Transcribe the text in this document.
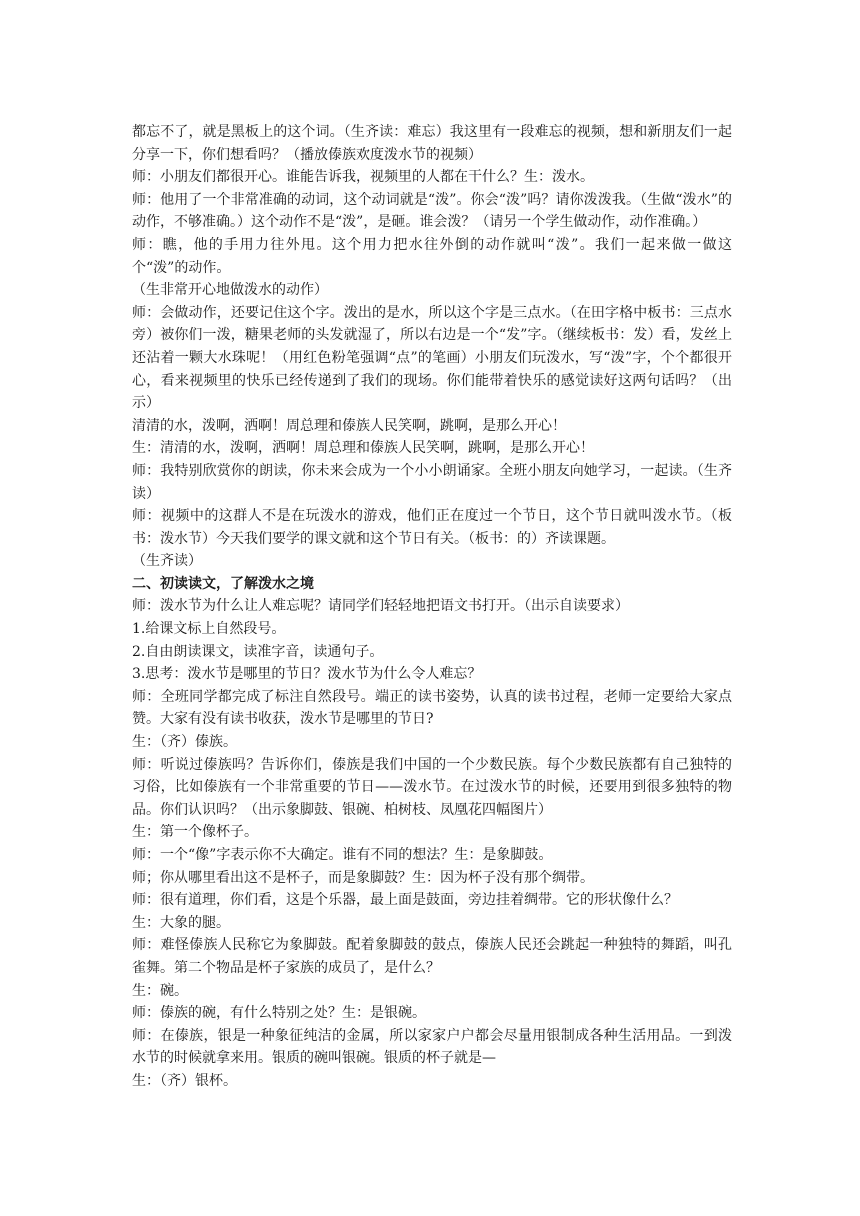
都忘不了，就是黑板上的这个词。（生齐读：难忘）我这里有一段难忘的视频，想和新朋友们一起分享一下，你们想看吗？（播放傣族欢度泼水节的视频）

师：小朋友们都很开心。谁能告诉我，视频里的人都在干什么？生：泼水。

师：他用了一个非常准确的动词，这个动词就是“泼”。你会“泼”吗？请你泼泼我。（生做“泼水”的动作，不够准确。）这个动作不是“泼”，是砸。谁会泼？（请另一个学生做动作，动作准确。）

师：瞧，他的手用力往外甩。这个用力把水往外倒的动作就叫“泼”。我们一起来做一做这个“泼”的动作。

（生非常开心地做泼水的动作）

师：会做动作，还要记住这个字。泼出的是水，所以这个字是三点水。（在田字格中板书：三点水旁）被你们一泼，糖果老师的头发就湿了，所以右边是一个“发”字。（继续板书：发）看，发丝上还沾着一颗大水珠呢！（用红色粉笔强调“点”的笔画）小朋友们玩泼水，写“泼”字，个个都很开心，看来视频里的快乐已经传递到了我们的现场。你们能带着快乐的感觉读好这两句话吗？（出示）

清清的水，泼啊，洒啊！周总理和傣族人民笑啊，跳啊，是那么开心！

生：清清的水，泼啊，洒啊！周总理和傣族人民笑啊，跳啊，是那么开心！

师：我特别欣赏你的朗读，你未来会成为一个小小朗诵家。全班小朋友向她学习，一起读。（生齐读）

师：视频中的这群人不是在玩泼水的游戏，他们正在度过一个节日，这个节日就叫泼水节。（板书：泼水节）今天我们要学的课文就和这个节日有关。（板书：的）齐读课题。

（生齐读）

二、初读读文，了解泼水之境

师：泼水节为什么让人难忘呢？请同学们轻轻地把语文书打开。（出示自读要求）

1.给课文标上自然段号。

2.自由朗读课文，读准字音，读通句子。

3.思考：泼水节是哪里的节日？泼水节为什么令人难忘？

师：全班同学都完成了标注自然段号。端正的读书姿势，认真的读书过程，老师一定要给大家点赞。大家有没有读书收获，泼水节是哪里的节日?

生：（齐）傣族。

师：听说过傣族吗？告诉你们，傣族是我们中国的一个少数民族。每个少数民族都有自己独特的习俗，比如傣族有一个非常重要的节日——泼水节。在过泼水节的时候，还要用到很多独特的物品。你们认识吗？（出示象脚鼓、银碗、柏树枝、凤凰花四幅图片）

生：第一个像杯子。

师：一个“像”字表示你不大确定。谁有不同的想法？生：是象脚鼓。

师；你从哪里看出这不是杯子，而是象脚鼓？生：因为杯子没有那个绸带。

师：很有道理，你们看，这是个乐器，最上面是鼓面，旁边挂着绸带。它的形状像什么？

生：大象的腿。

师：难怪傣族人民称它为象脚鼓。配着象脚鼓的鼓点，傣族人民还会跳起一种独特的舞蹈，叫孔雀舞。第二个物品是杯子家族的成员了，是什么？

生：碗。

师：傣族的碗，有什么特别之处？生：是银碗。

师：在傣族，银是一种象征纯洁的金属，所以家家户户都会尽量用银制成各种生活用品。一到泼水节的时候就拿来用。银质的碗叫银碗。银质的杯子就是—

生：（齐）银杯。
